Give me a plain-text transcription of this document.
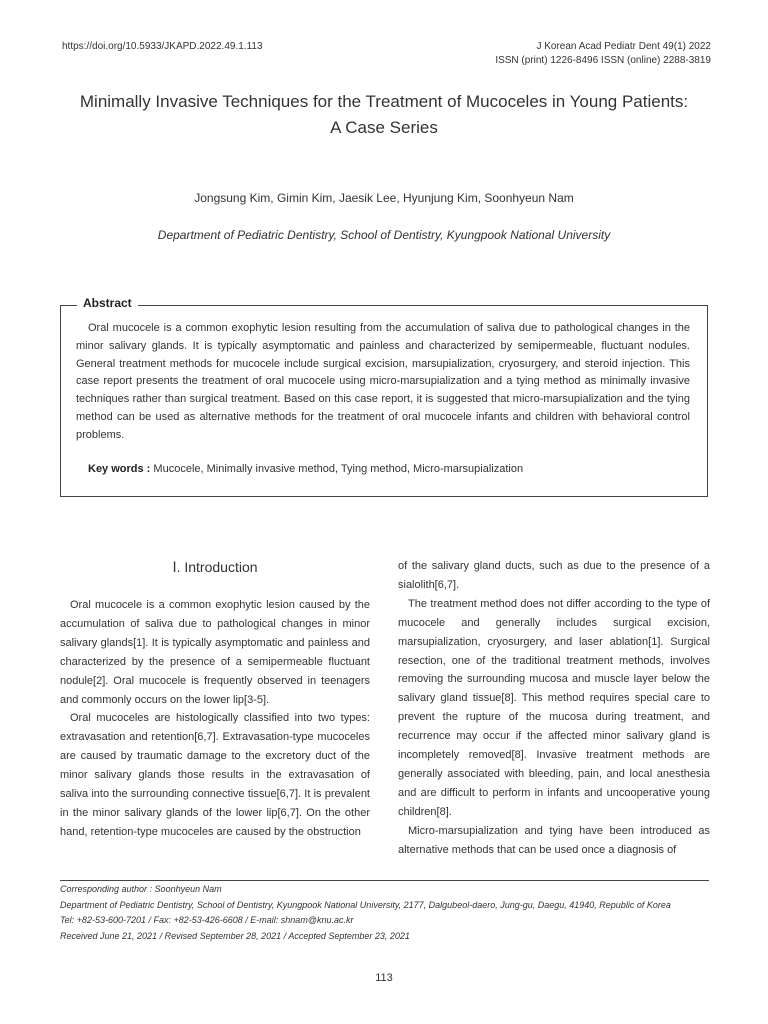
https://doi.org/10.5933/JKAPD.2022.49.1.113	J Korean Acad Pediatr Dent 49(1) 2022
ISSN (print) 1226-8496 ISSN (online) 2288-3819
Minimally Invasive Techniques for the Treatment of Mucoceles in Young Patients:
A Case Series
Jongsung Kim, Gimin Kim, Jaesik Lee, Hyunjung Kim, Soonhyeun Nam
Department of Pediatric Dentistry, School of Dentistry, Kyungpook National University
Abstract
Oral mucocele is a common exophytic lesion resulting from the accumulation of saliva due to pathological changes in the minor salivary glands. It is typically asymptomatic and painless and characterized by semipermeable, fluctuant nodules. General treatment methods for mucocele include surgical excision, marsupialization, cryosurgery, and steroid injection. This case report presents the treatment of oral mucocele using micro-marsupialization and a tying method as minimally invasive techniques rather than surgical treatment. Based on this case report, it is suggested that micro-marsupialization and the tying method can be used as alternative methods for the treatment of oral mucocele infants and children with behavioral control problems.
Key words : Mucocele, Minimally invasive method, Tying method, Micro-marsupialization
Ⅰ. Introduction

Oral mucocele is a common exophytic lesion caused by the accumulation of saliva due to pathological changes in minor salivary glands[1]. It is typically asymptomatic and painless and characterized by the presence of a semipermeable fluctuant nodule[2]. Oral mucocele is frequently observed in teenagers and commonly occurs on the lower lip[3-5].

Oral mucoceles are histologically classified into two types: extravasation and retention[6,7]. Extravasation-type mucoceles are caused by traumatic damage to the excretory duct of the minor salivary glands those results in the extravasation of saliva into the surrounding connective tissue[6,7]. It is prevalent in the minor salivary glands of the lower lip[6,7]. On the other hand, retention-type mucoceles are caused by the obstruction

of the salivary gland ducts, such as due to the presence of a sialolith[6,7].

The treatment method does not differ according to the type of mucocele and generally includes surgical excision, marsupialization, cryosurgery, and laser ablation[1]. Surgical resection, one of the traditional treatment methods, involves removing the surrounding mucosa and muscle layer below the salivary gland tissue[8]. This method requires special care to prevent the rupture of the mucosa during treatment, and recurrence may occur if the affected minor salivary gland is incompletely removed[8]. Invasive treatment methods are generally associated with bleeding, pain, and local anesthesia and are difficult to perform in infants and uncooperative young children[8].

Micro-marsupialization and tying have been introduced as alternative methods that can be used once a diagnosis of

Corresponding author : Soonhyeun Nam
Department of Pediatric Dentistry, School of Dentistry, Kyungpook National University, 2177, Dalgubeol-daero, Jung-gu, Daegu, 41940, Republic of Korea
Tel: +82-53-600-7201 / Fax: +82-53-426-6608 / E-mail: shnam@knu.ac.kr
Received June 21, 2021 / Revised September 28, 2021 / Accepted September 23, 2021
113
